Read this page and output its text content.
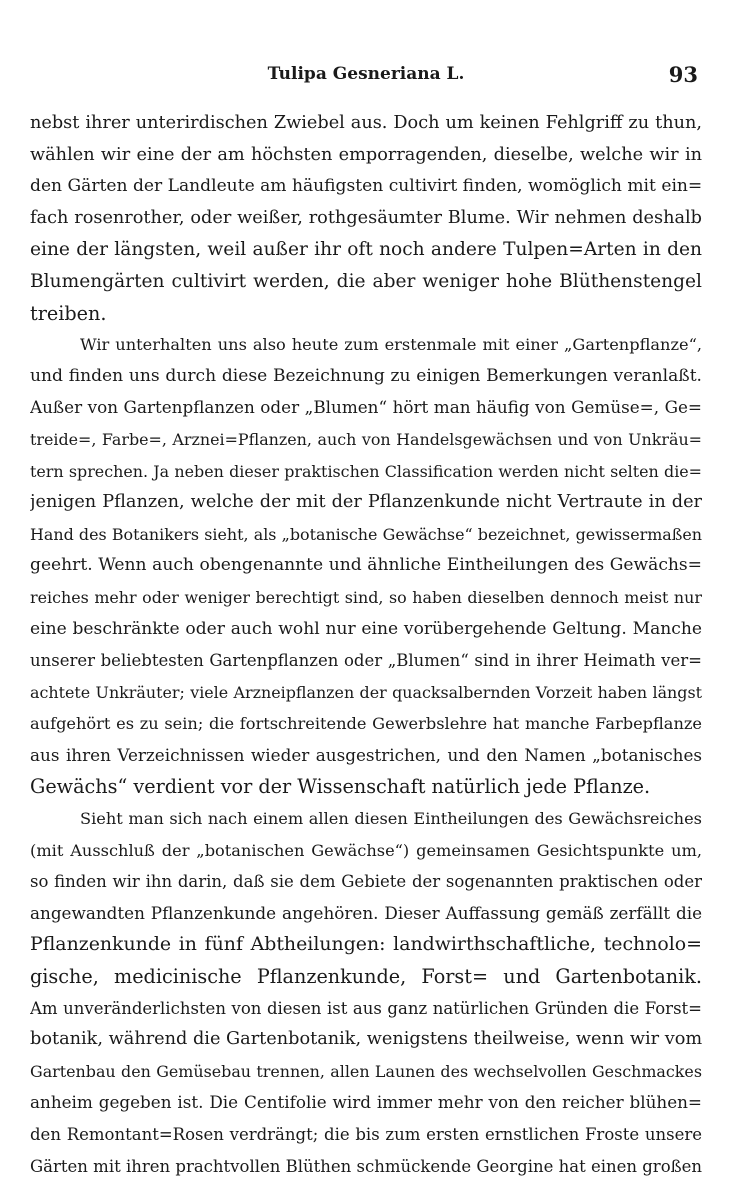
Tulipa Gesneriana L.	93
nebst ihrer unterirdischen Zwiebel aus. Doch um keinen Fehlgriff zu thun,
wählen wir eine der am höchsten emporragenden, dieselbe, welche wir in
den Gärten der Landleute am häufigsten cultivirt finden, womöglich mit ein=
fach rosenrother, oder weißer, rothgesäumter Blume. Wir nehmen deshalb
eine der längsten, weil außer ihr oft noch andere Tulpen=Arten in den
Blumengärten cultivirt werden, die aber weniger hohe Blüthenstengel
treiben.
Wir unterhalten uns also heute zum erstenmale mit einer „Gartenpflanze“,
und finden uns durch diese Bezeichnung zu einigen Bemerkungen veranlaßt.
Außer von Gartenpflanzen oder „Blumen“ hört man häufig von Gemüse=, Ge=
treide=, Farbe=, Arznei=Pflanzen, auch von Handelsgewächsen und von Unkräu=
tern sprechen. Ja neben dieser praktischen Classification werden nicht selten die=
jenigen Pflanzen, welche der mit der Pflanzenkunde nicht Vertraute in der
Hand des Botanikers sieht, als „botanische Gewächse“ bezeichnet, gewissermaßen
geehrt. Wenn auch obengenannte und ähnliche Eintheilungen des Gewächs=
reiches mehr oder weniger berechtigt sind, so haben dieselben dennoch meist nur
eine beschränkte oder auch wohl nur eine vorübergehende Geltung. Manche
unserer beliebtesten Gartenpflanzen oder „Blumen“ sind in ihrer Heimath ver=
achtete Unkräuter; viele Arzneipflanzen der quacksalbernden Vorzeit haben längst
aufgehört es zu sein; die fortschreitende Gewerbslehre hat manche Farbepflanze
aus ihren Verzeichnissen wieder ausgestrichen, und den Namen „botanisches
Gewächs“ verdient vor der Wissenschaft natürlich jede Pflanze.
Sieht man sich nach einem allen diesen Eintheilungen des Gewächsreiches
(mit Ausschluß der „botanischen Gewächse“) gemeinsamen Gesichtspunkte um,
so finden wir ihn darin, daß sie dem Gebiete der sogenannten praktischen oder
angewandten Pflanzenkunde angehören. Dieser Auffassung gemäß zerfällt die
Pflanzenkunde in fünf Abtheilungen: landwirthschaftliche, technolo=
gische, medicinische Pflanzenkunde, Forst= und Gartenbotanik.
Am unveränderlichsten von diesen ist aus ganz natürlichen Gründen die Forst=
botanik, während die Gartenbotanik, wenigstens theilweise, wenn wir vom
Gartenbau den Gemüsebau trennen, allen Launen des wechselvollen Geschmackes
anheim gegeben ist. Die Centifolie wird immer mehr von den reicher blühen=
den Remontant=Rosen verdrängt; die bis zum ersten ernstlichen Froste unsere
Gärten mit ihren prachtvollen Blüthen schmückende Georgine hat einen großen
